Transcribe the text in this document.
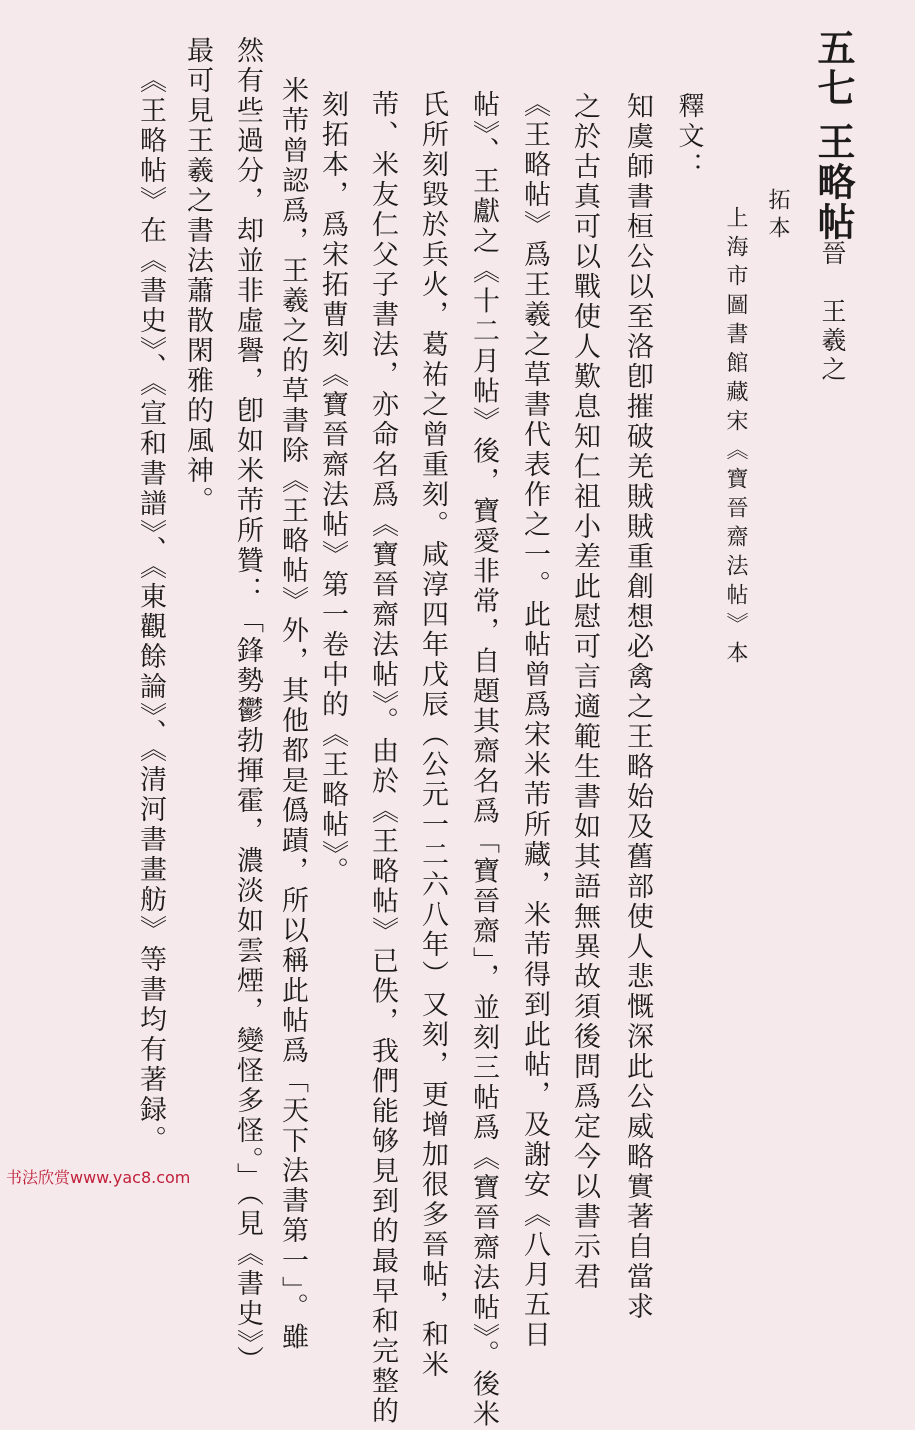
五七
王略帖
晉　王羲之
拓本
上海市圖書館藏宋《寶晉齋法帖》本
釋文：
知虞師書桓公以至洛卽摧破羌賊賊重創想必禽之王略始及舊部使人悲慨深此公威略實著自當求
之於古真可以戰使人歎息知仁祖小差此慰可言適範生書如其語無異故須後問爲定今以書示君
《王略帖》爲王羲之草書代表作之一。此帖曾爲宋米芾所藏，米芾得到此帖，及謝安《八月五日
帖》、王獻之《十二月帖》後，寶愛非常，自題其齋名爲「寶晉齋」，並刻三帖爲《寶晉齋法帖》。後米
氏所刻毀於兵火，葛祐之曾重刻。咸淳四年戊辰（公元一二六八年）又刻，更增加很多晉帖，和米
芾、米友仁父子書法，亦命名爲《寶晉齋法帖》。由於《王略帖》已佚，我們能够見到的最早和完整的
刻拓本，爲宋拓曹刻《寶晉齋法帖》第一卷中的《王略帖》。
米芾曾認爲，王羲之的草書除《王略帖》外，其他都是僞蹟，所以稱此帖爲「天下法書第一」。雖
然有些過分，却並非虛譽，卽如米芾所贊：「鋒勢鬱勃揮霍，濃淡如雲煙，變怪多怪。」（見《書史》）
最可見王羲之書法蕭散閑雅的風神。
《王略帖》在《書史》、《宣和書譜》、《東觀餘論》、《清河書畫舫》等書均有著録。
书法欣赏www.yac8.com
